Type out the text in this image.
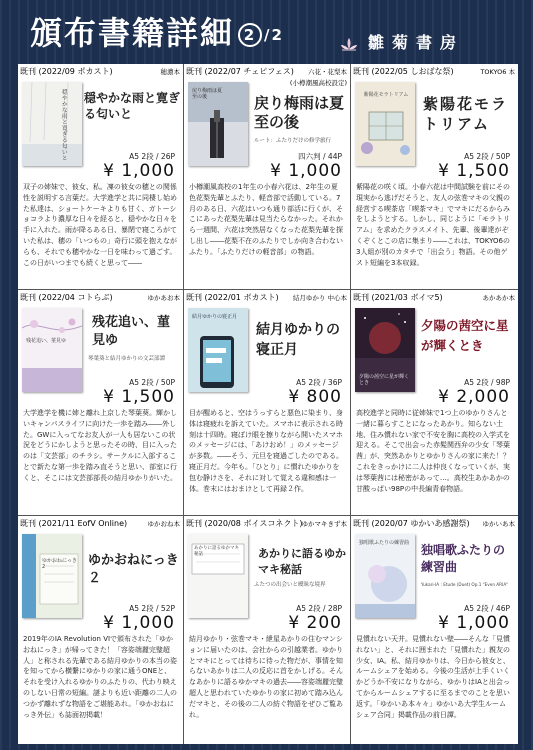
頒布書籍詳細 2 /2	雛菊書房
既刊 (2022/09 ポカスト)	穂濃本
穏やかな雨と寛ぎる匂いと
穏やかな雨と寛ぎる匂いと
A5 2段 / 26P
¥ 1,000

双子の姉妹で、彼女、私。凜の彼女の穂との関係性を説明する言葉だ。大学進学と共に同棲し始めた私達は、ショートケーキよりも甘く、ガトーショコラより濃厚な日々を経ると、穏やかな日々を手に入れた。雨が降るある日、暴閉で寝ころがていた私は、穂の「いつもの」奇行に頭を抱えながらも、それでも穂やかな一日を味わって過ごす。この日がいつまでも続くと思って――

既刊 (2022/07 チェピフェス) 六花・花梨本
(小樽潮風高校設定)
戻り梅雨は夏至の後	戻り梅雨は夏至の後
ルート：ふたりだけの修学旅行
四六判 / 44P
¥ 1,000

小樽潮風高校の1年生の小春六花は、2年生の夏色花梨先輩とふたり、軽音部で活動している。7月のある日、六花はいつも通り部活に行くが、そこにあった花梨先輩は見当たらなかった。それから一週間、六花は突然居なくなった花梨先輩を探し出し――花梨不在のふたりでしか向き合わないふたり。「ふたりだけの軽音部」の物語。

既刊 (2022/05 しおばな祭)	TOKYO6 本
紫陽花モラトリアム 紫陽花モラトリアム
A5 2段 / 50P
¥ 1,500

紫陽花の咲く頃。小春六花は中間試験を前にその現実から逃げだそうと、友人の弦巻マキの父親の経営する喫茶店「喫茶マキ」でマキにだるからみをしようとする。しかし、同じように「モラトリアム」を求めたクラスメイト、先輩、後輩達がぞくぞくとこの店に集まり――これは、TOKYO6の3人組が別のカタチで「出会う」物語。その他ゲスト短編を3本収録。

既刊 (2022/04 コトらぶ)	ゆかあお本
残花追い、菫見ゆ
残花追い、菫見ゆ
琴葉葵と結月ゆかりの文芸部譚
A5 2段 / 50P
¥ 1,500

大学進学を機に姉と離れ上京した琴葉葵。輝かしいキャンパスライフに向けた一歩を踏み――外した。GWに入ってなお友人が一人も居ないこの状況をどうにかしようと思ったその時、目に入ったのは「文芸部」のチラシ。サークルに入部することで新たな第一歩を踏み直そうと思い、部室に行くと、そこには文芸部部長の結月ゆかりがいた。

既刊 (2022/01 ボカスト) 結月ゆかり 中心本
結月ゆかりの寝正月
結月ゆかりの寝正月
A5 2段 / 36P
¥ 800

目が醒めると、空はうっすらと悪色に染まり、身体は寝疲れを訴えていた。スマホに表示される時刻は十四時。寝ぼけ眼を擦りながら開いたスマホのメッセージには、「あけおめ！」のメッセージが多数。――そう、元旦を寝過ごしたのである。寝正月だ。今年も。「ひとり」に慣れたゆかりを包む静けさを、それに対して覚える違和感は一体。巻末にはおまけとして再録２作。

既刊 (2021/03 ボイマ5)	あかあか本
夕陽の茜空に星が輝くとき
夕陽の茜空に星が輝くとき
A5 2段 / 98P
¥ 2,000

高校進学と同時に従姉妹で1つ上のゆかりさんと一緒に暮らすことになったあかり。知らない土地、住み慣れない家で不安を胸に高校の入学式を迎える。そこで出会った赤髪関西弁の少女「琴葉茜」が、突然あかりとゆかりさんの家に来た！？これをきっかけに二人は仲良くなっていくが、実は琴葉茜には秘密があって…。高校生あかあかの甘酸っぱい98Pの中長編青春物語。

既刊 (2021/11 EofV Online)	ゆかおね本
ゆかおねにっき2	ゆかおねにっき２
A5 2段 / 52P
¥ 1,000

2019年のIA Revolution VIで頒布された「ゆかおねにっき」が帰ってきた！「容姿端麗完璧超人」と称される先輩である結月ゆかりの本当の姿を知ってから横繋にゆかりの家に通うONEと、それを受け入れるゆかりのふたりの、代わり映えのしない日常の短編。謎よりも近い距離の二人のつかず離れずな物語をご堪能あれ。「ゆかおねにっき外伝」も誌面初掲載！

既刊 (2020/08 ボイスコネクト) ゆかマキきず本
あかりに語るゆかマキ秘話	あかりに語るゆかマキ秘話
ふたつの出会いと曖昧な境界
A5 2段 / 28P
¥ 200

結月ゆかり・弦巻マキ・紲星あかりの住むマンションに届いたのは、会社からの引越業者。ゆかりとマキにとっては待ちに待った物だが、事情を知らないあかりは二人の反応に首をかしげる。そんなあかりに語るゆかマキの過去――容姿端麗完璧超人と思われていたゆかりの家に初めて踏み込んだマキと、その後の二人の紡ぐ物語をぜひご覧あれ。

既刊 (2020/07 ゆかいあ感謝祭) ゆかいあ本
独唱歌ふたりの練習曲 独唱歌ふたりの練習曲
Yukari-IA : Etude (Duet) Op.1 "Even ARIA"
A5 2段 / 46P
¥ 1,000

見慣れない天井。見慣れない壁――そんな「見慣れない」と、それに囲まれた「見慣れた」親友の少女、IA。私、結月ゆかりは、今日から彼女と、ルームシェアを始める。今後の生活が上手くいくかどうか不安になりながら、ゆかりはIAと出会ってからルームシェアするに至るまでのことを思い返す。「ゆかいあ本々々」ゆかいあ大学生ルームシェア合同」掲載作品の前日譚。
